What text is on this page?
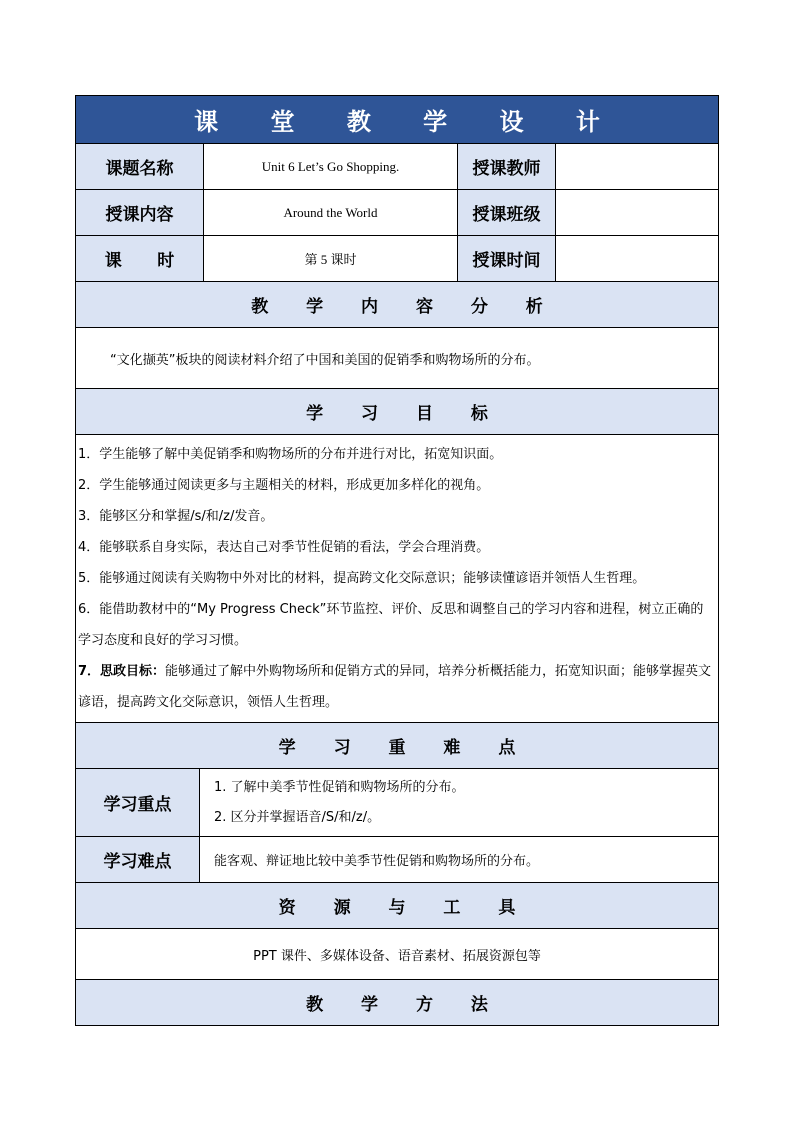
课 堂 教 学 设 计
课题名称	Unit 6 Let’s Go Shopping.	授课教师
授课内容	Around the World	授课班级
课      时	第 5 课时	授课时间
教 学 内 容 分 析
“文化撷英”板块的阅读材料介绍了中国和美国的促销季和购物场所的分布。
学 习 目 标

1．学生能够了解中美促销季和购物场所的分布并进行对比，拓宽知识面。

2．学生能够通过阅读更多与主题相关的材料，形成更加多样化的视角。

3．能够区分和掌握/s/和/z/发音。

4．能够联系自身实际，表达自己对季节性促销的看法，学会合理消费。

5．能够通过阅读有关购物中外对比的材料，提高跨文化交际意识；能够读懂谚语并领悟人生哲理。

6．能借助教材中的“My Progress Check”环节监控、评价、反思和调整自己的学习内容和进程，树立正确的学习态度和良好的学习习惯。

7．思政目标：能够通过了解中外购物场所和促销方式的异同，培养分析概括能力，拓宽知识面；能够掌握英文谚语，提高跨文化交际意识，领悟人生哲理。

学 习 重 难 点
学习重点
1. 了解中美季节性促销和购物场所的分布。
2. 区分并掌握语音/S/和/z/。
学习难点	能客观、辩证地比较中美季节性促销和购物场所的分布。
资 源 与 工 具
PPT 课件、多媒体设备、语音素材、拓展资源包等
教 学 方 法
